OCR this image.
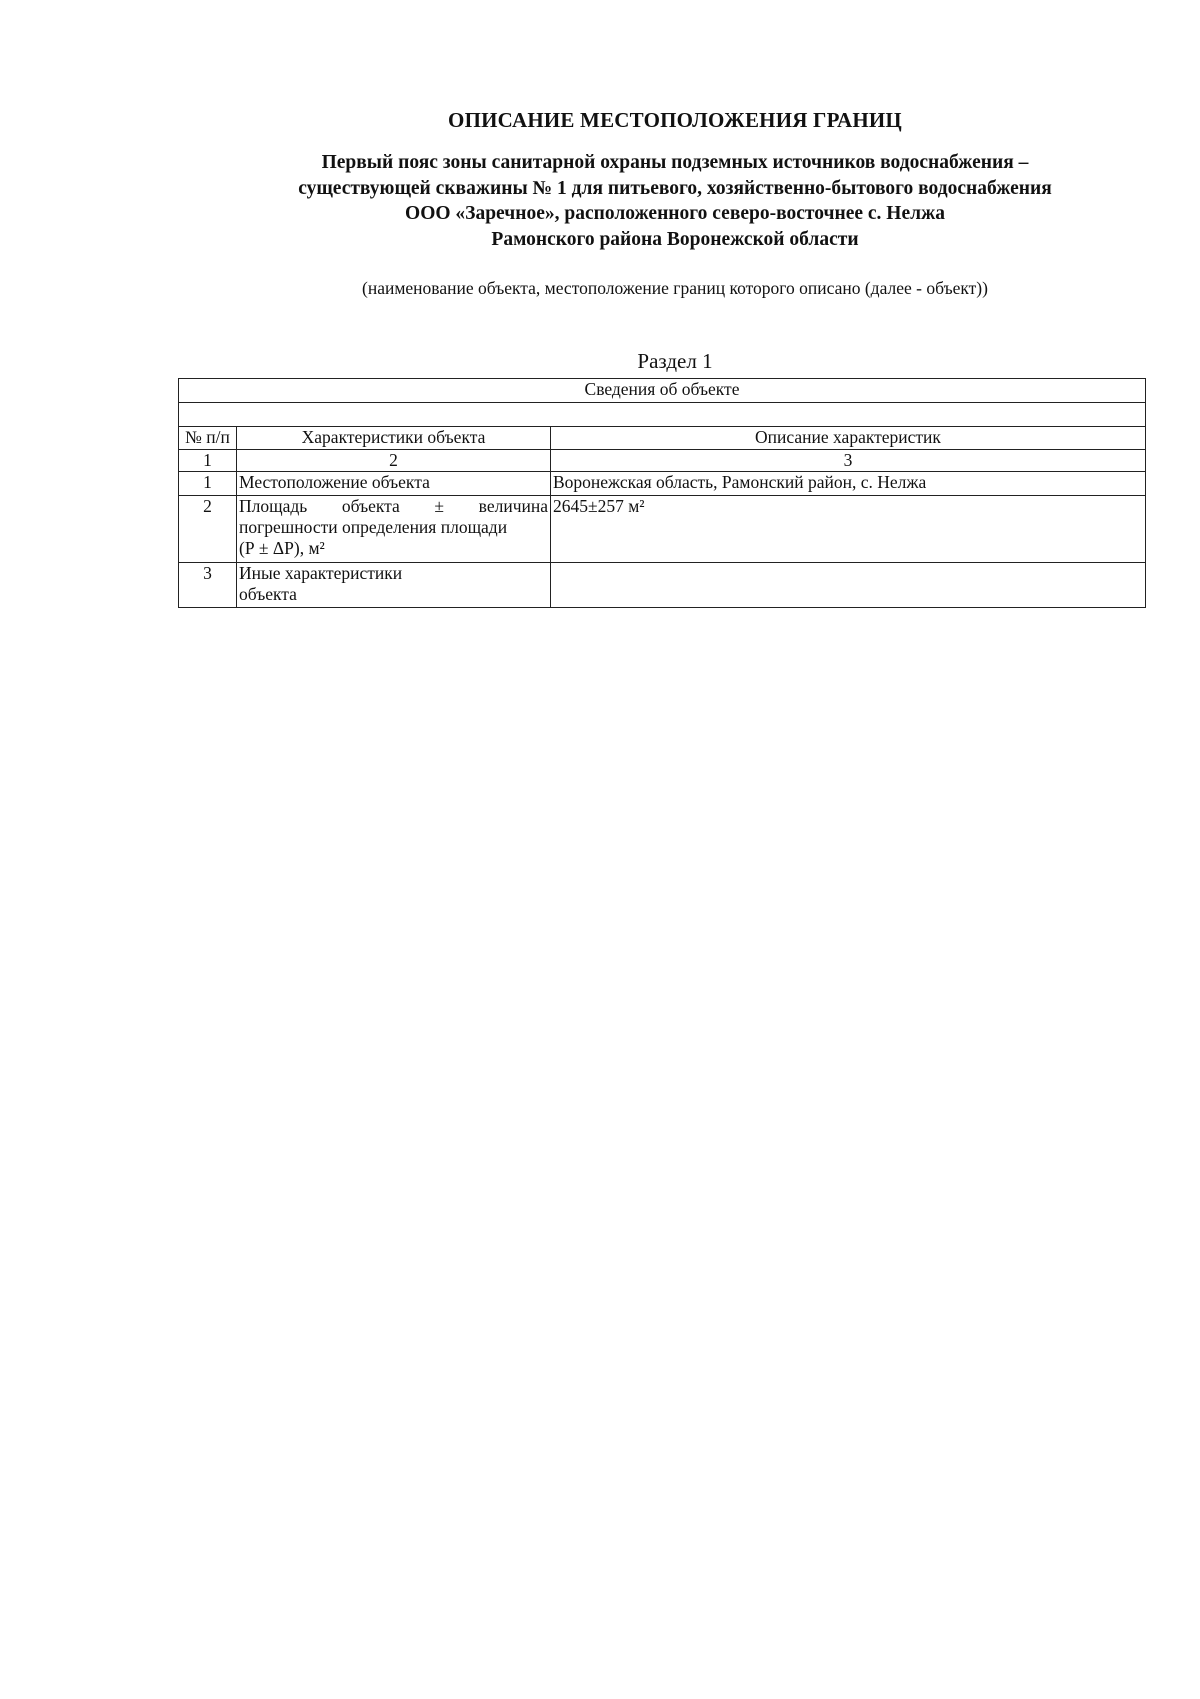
ОПИСАНИЕ МЕСТОПОЛОЖЕНИЯ ГРАНИЦ
Первый пояс зоны санитарной охраны подземных источников водоснабжения –
существующей скважины № 1 для питьевого, хозяйственно-бытового водоснабжения
ООО «Заречное», расположенного северо-восточнее с. Нелжа
Рамонского района Воронежской области
(наименование объекта, местоположение границ которого описано (далее - объект))
Раздел 1
Сведения об объекте		

№ п/п	Характеристики объекта	Описание характеристик
1	2	3
1	Местоположение объекта	Воронежская область, Рамонский район, с. Нелжа
2	Площадь объекта ± величина
погрешности определения площади
(Р ± ΔР), м²	2645±257 м²
3	Иные характеристики
объекта	
